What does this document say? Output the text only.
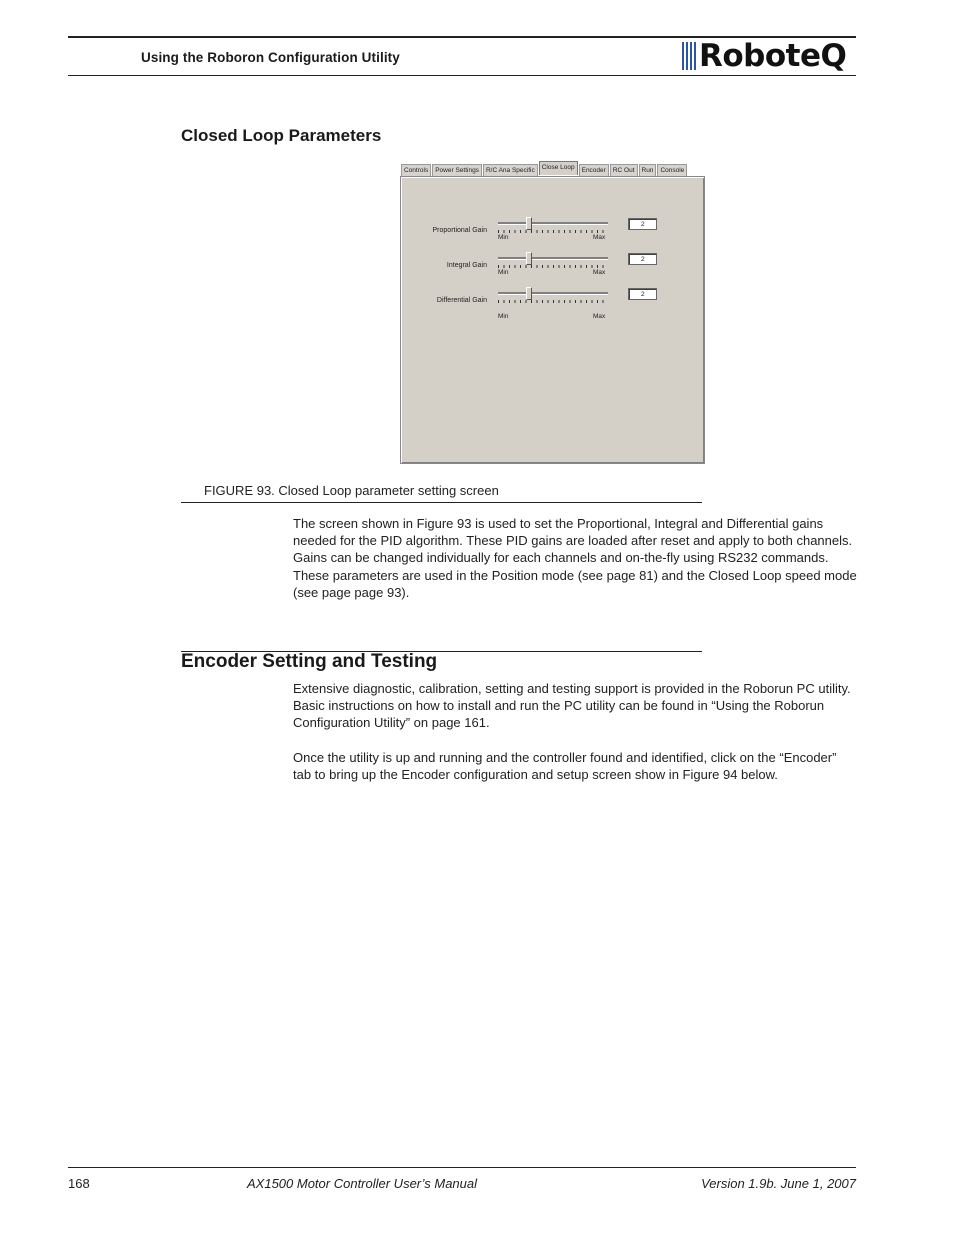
Using the Roboron Configuration Utility	RoboteQ
Closed Loop Parameters
Controls	Power Settings	R/C Ana Specific	Close Loop	Encoder	RC Out	Run	Console
Proportional Gain
Min	Max
2
Integral Gain
Min	Max
2
Differential Gain
Min	Max
2
FIGURE 93. Closed Loop parameter setting screen

The screen shown in Figure 93 is used to set the Proportional, Integral and Differential gains needed for the PID algorithm. These PID gains are loaded after reset and apply to both channels. Gains can be changed individually for each channels and on-the-fly using RS232 commands. These parameters are used in the Position mode (see page 81) and the Closed Loop speed mode (see page page 93).

Encoder Setting and Testing

Extensive diagnostic, calibration, setting and testing support is provided in the Roborun PC utility. Basic instructions on how to install and run the PC utility can be found in “Using the Roborun Configuration Utility” on page 161.

Once the utility is up and running and the controller found and identified, click on the “Encoder” tab to bring up the Encoder configuration and setup screen show in Figure 94 below.

168	AX1500 Motor Controller User’s Manual	Version 1.9b. June 1, 2007
